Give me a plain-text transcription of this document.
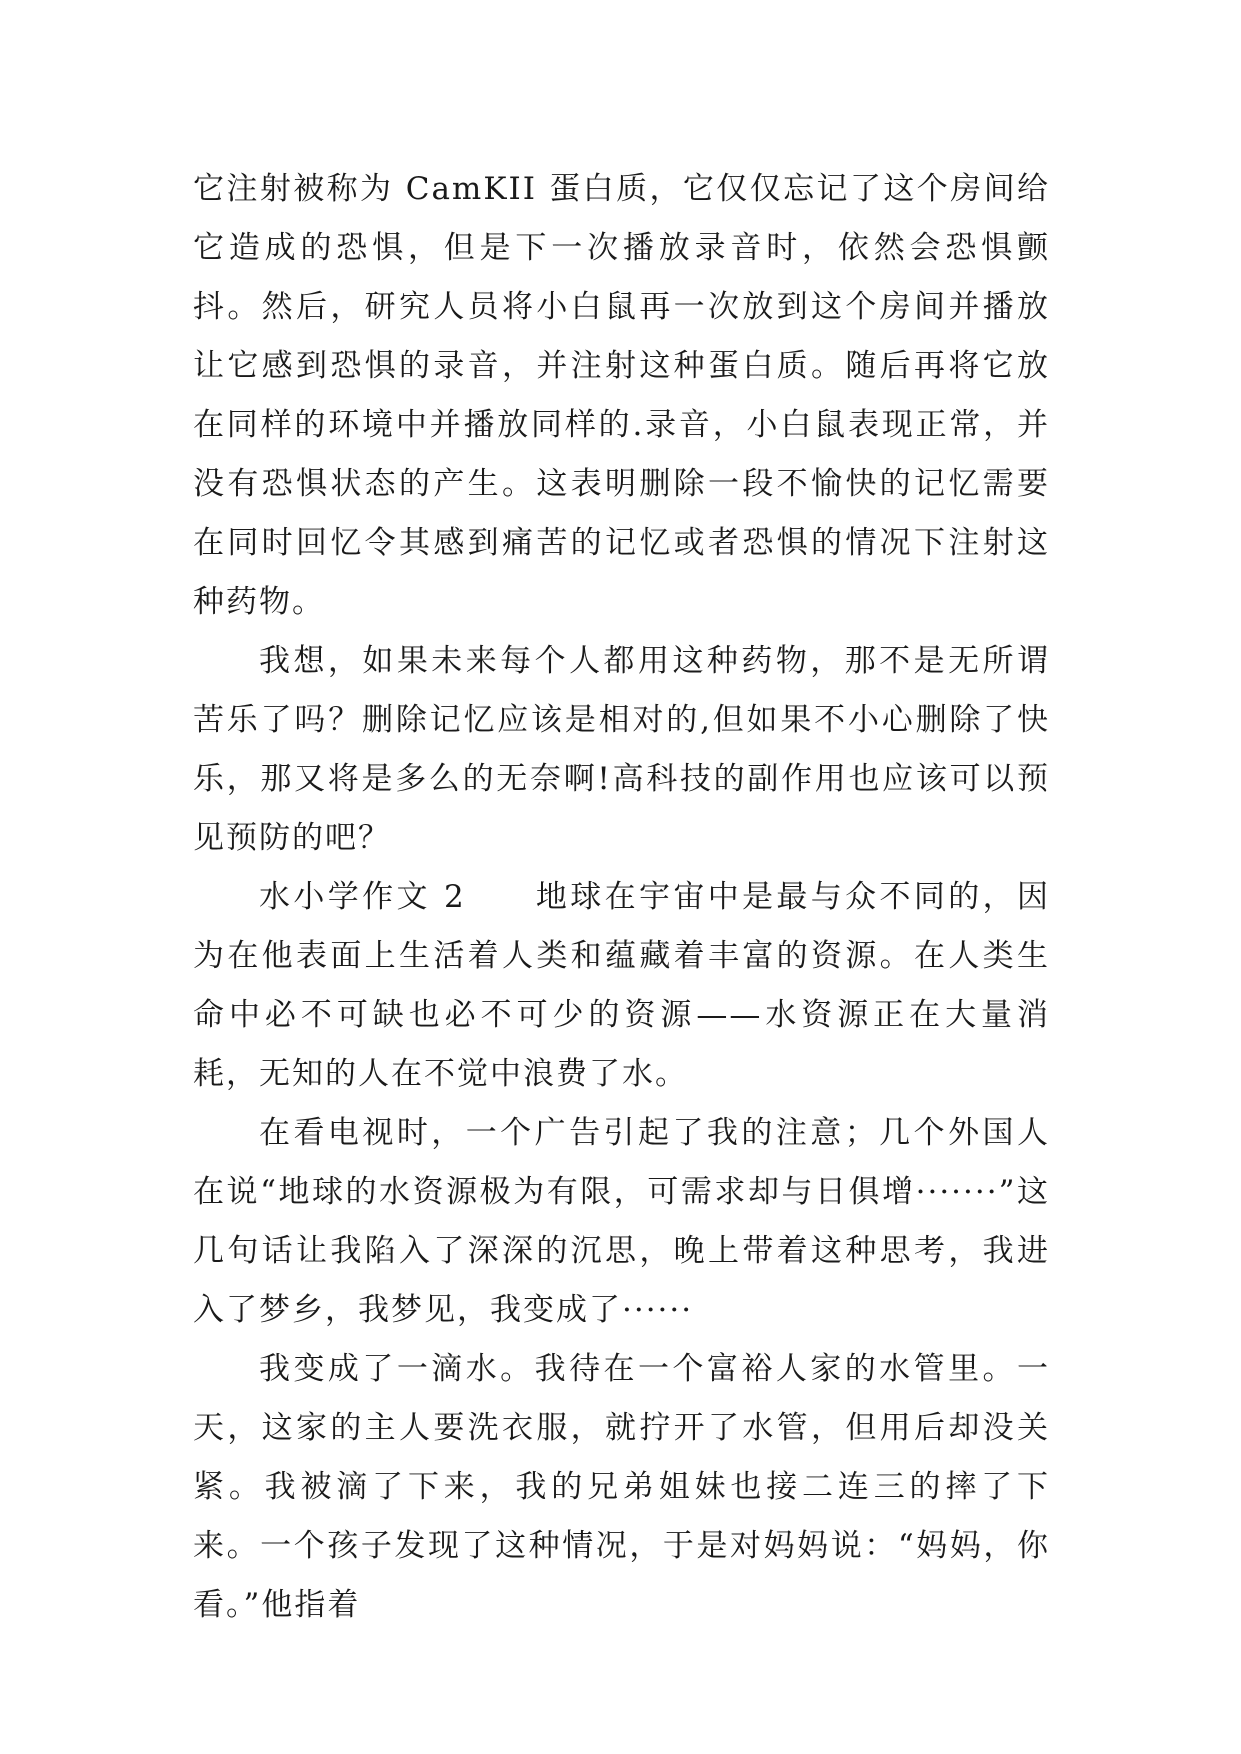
它注射被称为 CamKII 蛋白质，它仅仅忘记了这个房间给它造成的恐惧，但是下一次播放录音时，依然会恐惧颤抖。然后，研究人员将小白鼠再一次放到这个房间并播放让它感到恐惧的录音，并注射这种蛋白质。随后再将它放在同样的环境中并播放同样的.录音，小白鼠表现正常，并没有恐惧状态的产生。这表明删除一段不愉快的记忆需要在同时回忆令其感到痛苦的记忆或者恐惧的情况下注射这种药物。

我想，如果未来每个人都用这种药物，那不是无所谓苦乐了吗？删除记忆应该是相对的,但如果不小心删除了快乐，那又将是多么的无奈啊!高科技的副作用也应该可以预见预防的吧？

水小学作文 2　　地球在宇宙中是最与众不同的，因为在他表面上生活着人类和蕴藏着丰富的资源。在人类生命中必不可缺也必不可少的资源——水资源正在大量消耗，无知的人在不觉中浪费了水。

在看电视时，一个广告引起了我的注意；几个外国人在说“地球的水资源极为有限，可需求却与日俱增·······”这几句话让我陷入了深深的沉思，晚上带着这种思考，我进入了梦乡，我梦见，我变成了······

我变成了一滴水。我待在一个富裕人家的水管里。一天，这家的主人要洗衣服，就拧开了水管，但用后却没关紧。我被滴了下来，我的兄弟姐妹也接二连三的摔了下来。一个孩子发现了这种情况，于是对妈妈说：“妈妈，你看。”他指着
